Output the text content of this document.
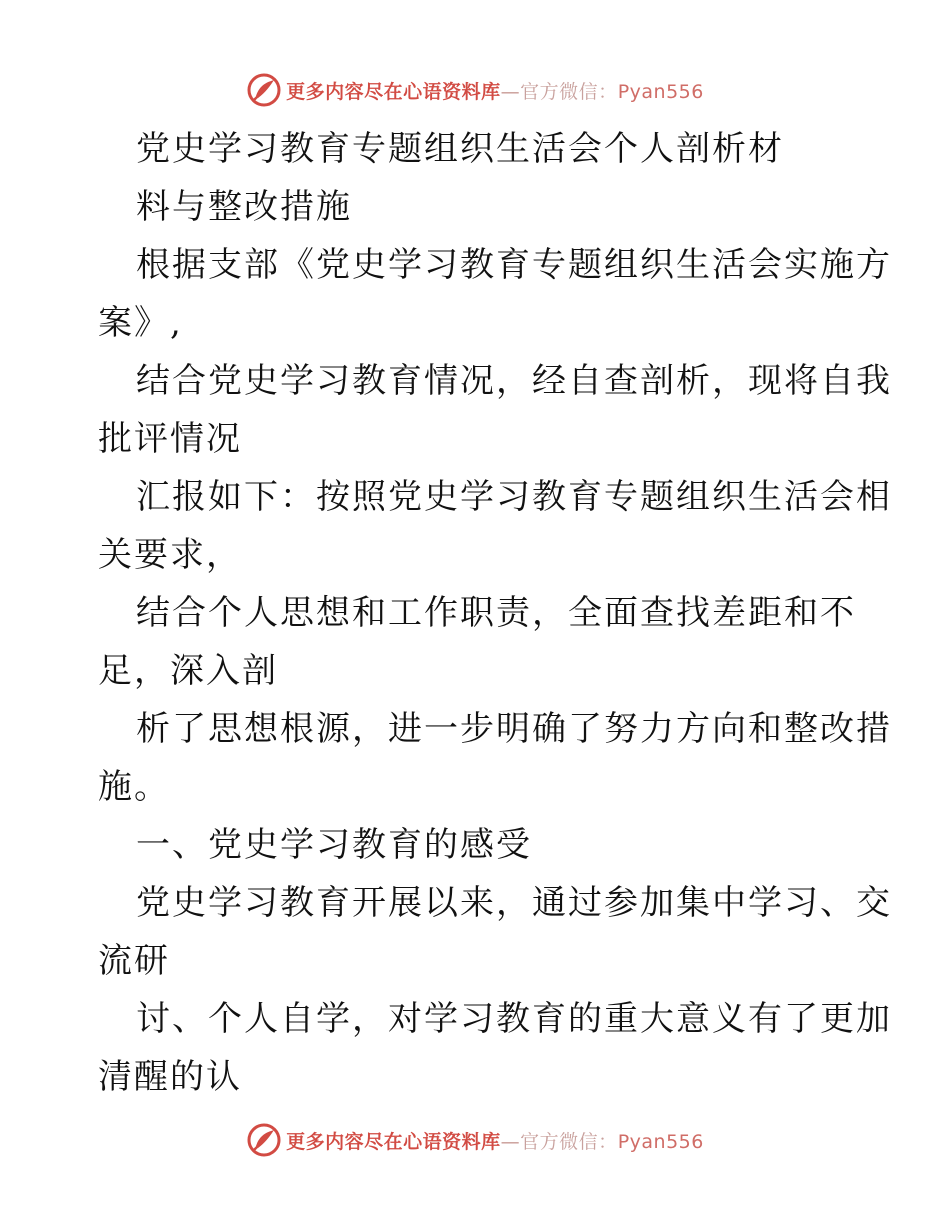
更多内容尽在心语资料库—官方微信：Pyan556
党史学习教育专题组织生活会个人剖析材
料与整改措施
根据支部《党史学习教育专题组织生活会实施方
案》,
结合党史学习教育情况，经自查剖析，现将自我
批评情况
汇报如下：按照党史学习教育专题组织生活会相
关要求，
结合个人思想和工作职责，全面查找差距和不
足，深入剖
析了思想根源，进一步明确了努力方向和整改措
施。
一、党史学习教育的感受
党史学习教育开展以来，通过参加集中学习、交
流研
讨、个人自学，对学习教育的重大意义有了更加
清醒的认
更多内容尽在心语资料库—官方微信：Pyan556
